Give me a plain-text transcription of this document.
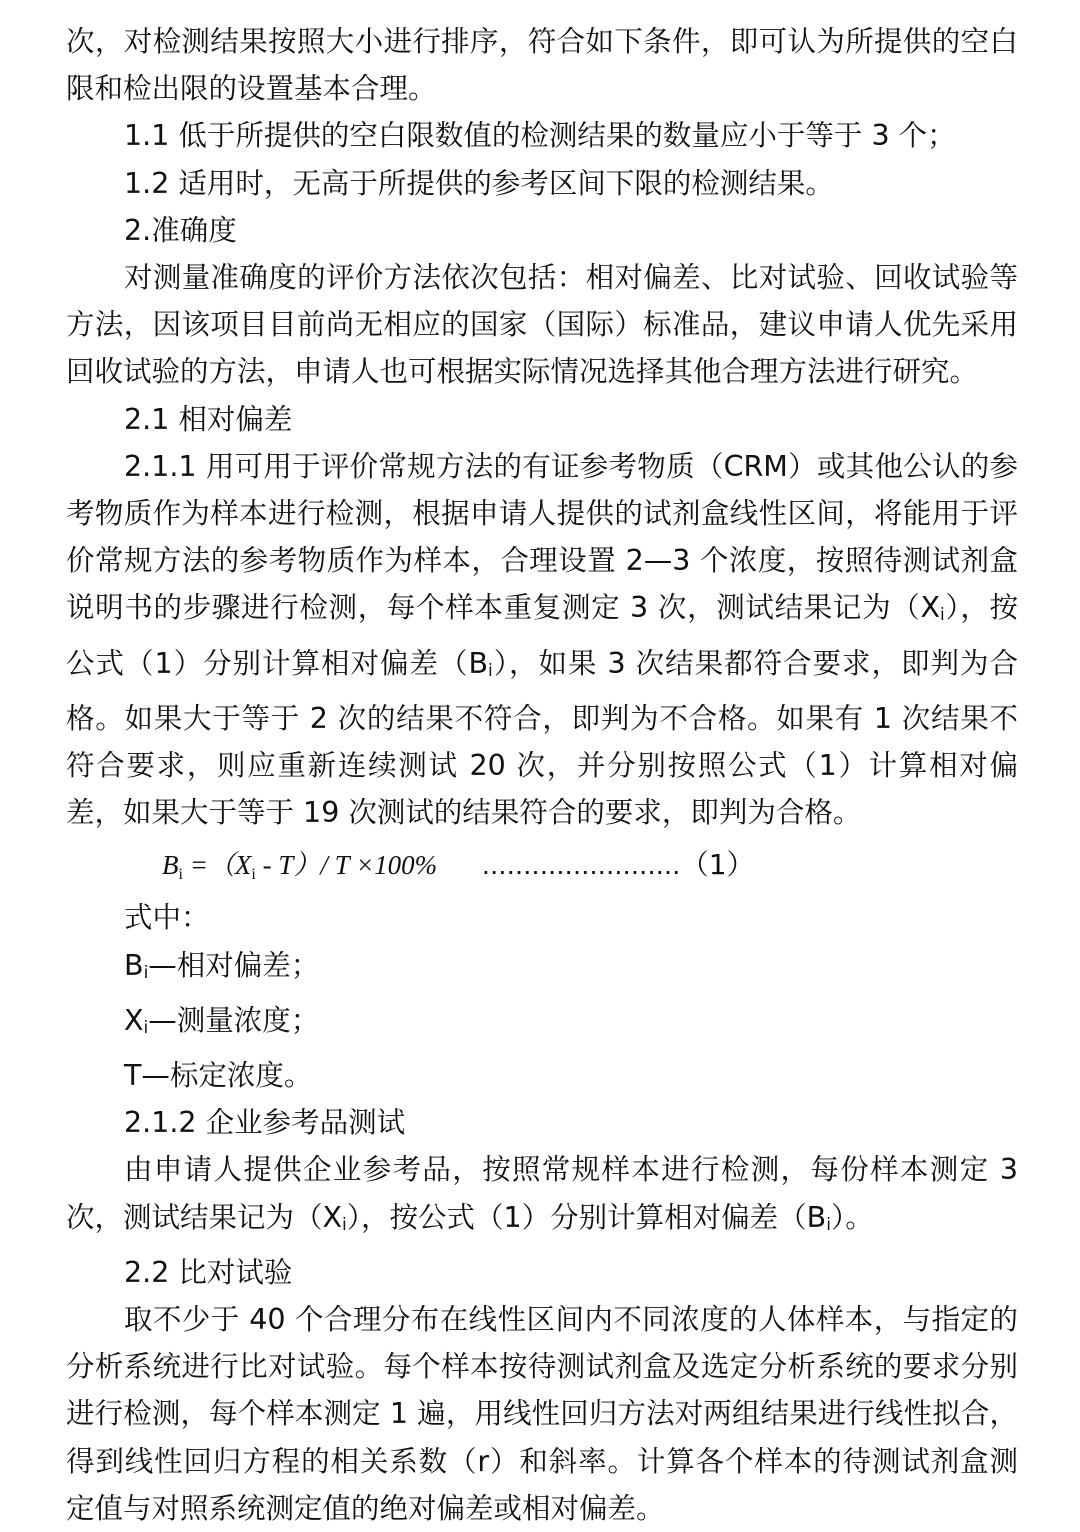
次，对检测结果按照大小进行排序，符合如下条件，即可认为所提供的空白限和检出限的设置基本合理。

1.1 低于所提供的空白限数值的检测结果的数量应小于等于 3 个；

1.2 适用时，无高于所提供的参考区间下限的检测结果。

2.准确度

对测量准确度的评价方法依次包括：相对偏差、比对试验、回收试验等方法，因该项目目前尚无相应的国家（国际）标准品，建议申请人优先采用回收试验的方法，申请人也可根据实际情况选择其他合理方法进行研究。

2.1 相对偏差

2.1.1 用可用于评价常规方法的有证参考物质（CRM）或其他公认的参考物质作为样本进行检测，根据申请人提供的试剂盒线性区间，将能用于评价常规方法的参考物质作为样本，合理设置 2—3 个浓度，按照待测试剂盒说明书的步骤进行检测，每个样本重复测定 3 次，测试结果记为（Xi），按公式（1）分别计算相对偏差（Bi），如果 3 次结果都符合要求，即判为合格。如果大于等于 2 次的结果不符合，即判为不合格。如果有 1 次结果不符合要求，则应重新连续测试 20 次，并分别按照公式（1）计算相对偏差，如果大于等于 19 次测试的结果符合的要求，即判为合格。

Bi =（Xi - T）/ T ×100% ........................（1）

式中：

Bi—相对偏差；

Xi—测量浓度；

T—标定浓度。

2.1.2 企业参考品测试

由申请人提供企业参考品，按照常规样本进行检测，每份样本测定 3 次，测试结果记为（Xi），按公式（1）分别计算相对偏差（Bi）。

2.2 比对试验

取不少于 40 个合理分布在线性区间内不同浓度的人体样本，与指定的分析系统进行比对试验。每个样本按待测试剂盒及选定分析系统的要求分别进行检测，每个样本测定 1 遍，用线性回归方法对两组结果进行线性拟合，得到线性回归方程的相关系数（r）和斜率。计算各个样本的待测试剂盒测定值与对照系统测定值的绝对偏差或相对偏差。
